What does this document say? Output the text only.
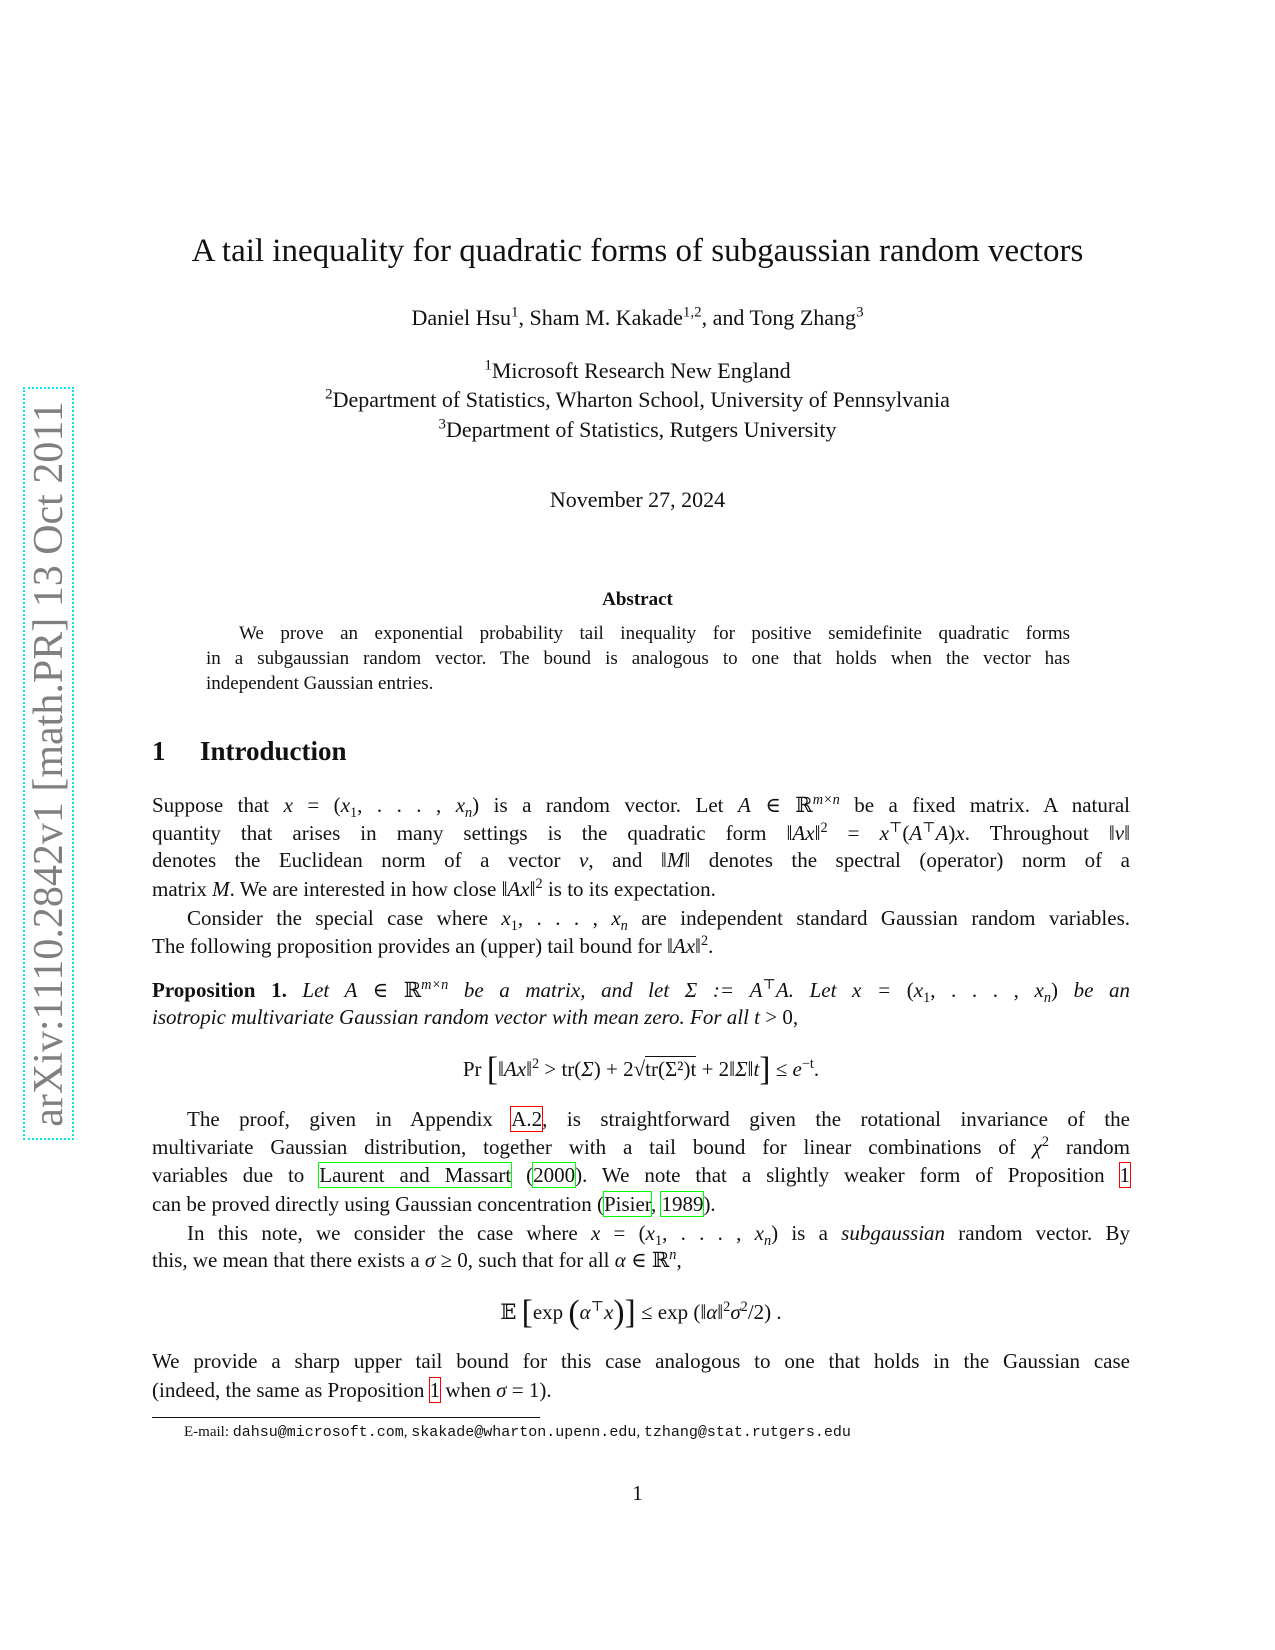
arXiv:1110.2842v1 [math.PR] 13 Oct 2011
A tail inequality for quadratic forms of subgaussian random vectors
Daniel Hsu$^1$, Sham M. Kakade$^{1,2}$, and Tong Zhang$^3$
$^1$Microsoft Research New England
$^2$Department of Statistics, Wharton School, University of Pennsylvania
$^3$Department of Statistics, Rutgers University
November 27, 2024
Abstract
We prove an exponential probability tail inequality for positive semidefinite quadratic forms
in a subgaussian random vector. The bound is analogous to one that holds when the vector has
independent Gaussian entries.
1 Introduction
Suppose that $x = (x_1$, . . . , $x_n$) is a random vector. Let A ∈ ℝ$^{m\times n}$ be a fixed matrix. A natural
quantity that arises in many settings is the quadratic form ‖Ax‖$^2$ = x⊤(A⊤A)x. Throughout ‖v‖
denotes the Euclidean norm of a vector v, and ‖M‖ denotes the spectral (operator) norm of a
matrix M. We are interested in how close ‖Ax‖$^2$ is to its expectation.
Consider the special case where $x_1$, . . . , $x_n$ are independent standard Gaussian random variables.
The following proposition provides an (upper) tail bound for ‖Ax‖$^2$.
Proposition 1. Let A ∈ ℝ$^{m\times n}$ be a matrix, and let Σ := A⊤A. Let $x = (x_1$, . . . , $x_n$) be an
isotropic multivariate Gaussian random vector with mean zero. For all t > 0,
Pr [‖Ax‖$^2$ > tr(Σ) + 2√tr(Σ²)t + 2‖Σ‖t] ≤ $e^{-t}$.
The proof, given in Appendix A.2, is straightforward given the rotational invariance of the
multivariate Gaussian distribution, together with a tail bound for linear combinations of $\chi^2$ random
variables due to Laurent and Massart (2000). We note that a slightly weaker form of Proposition 1
can be proved directly using Gaussian concentration (Pisier, 1989).
In this note, we consider the case where $x = (x_1$, . . . , $x_n$) is a subgaussian random vector. By
this, we mean that there exists a σ ≥ 0, such that for all α ∈ ℝ$^n$,
𝔼 [exp $(\alpha^⊤x)] \le \exp (‖\alpha‖^2\sigma^2/2)$ .
We provide a sharp upper tail bound for this case analogous to one that holds in the Gaussian case
(indeed, the same as Proposition 1 when σ = 1).
E-mail: dahsu@microsoft.com, skakade@wharton.upenn.edu, tzhang@stat.rutgers.edu
1
